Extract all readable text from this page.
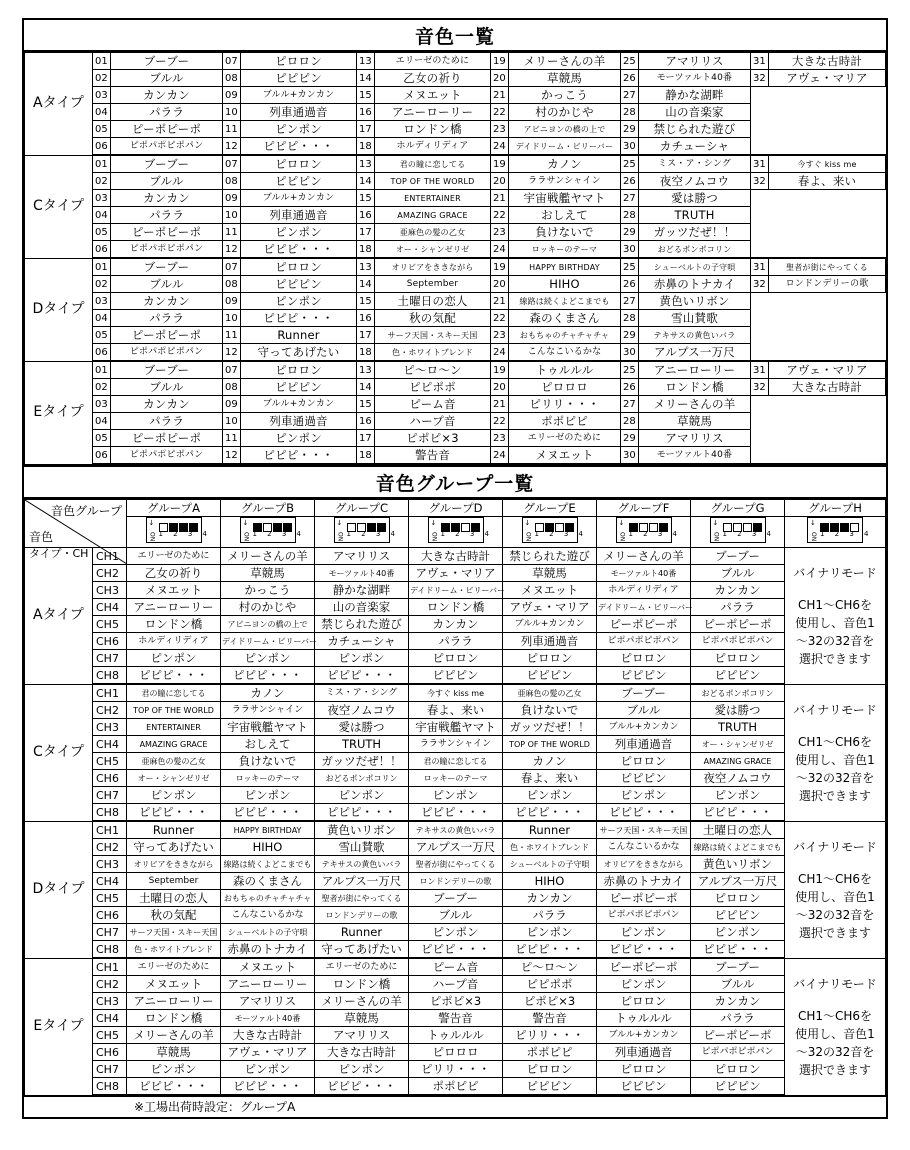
音色一覧
Aタイプ	01	ブーブー	07	ピロロン	13	エリーゼのために	19	メリーさんの羊	25	アマリリス	31	大きな古時計
	02	ブルル	08	ピピピン	14	乙女の祈り	20	草競馬	26	モーツァルト40番	32	アヴェ・マリア
	03	カンカン	09	ブルル+カンカン	15	メヌエット	21	かっこう	27	静かな湖畔		
	04	パララ	10	列車通過音	16	アニーローリー	22	村のかじや	28	山の音楽家		
	05	ピーポピーポ	11	ピンポン	17	ロンドン橋	23	アビニヨンの橋の上で	29	禁じられた遊び		
	06	ピポパポピポパン	12	ピピピ・・・	18	ホルディリディア	24	デイドリーム・ビリーバー	30	カチューシャ		
Cタイプ	01	ブーブー	07	ピロロン	13	君の瞳に恋してる	19	カノン	25	ミス・ア・シング	31	今すぐ kiss me
	02	ブルル	08	ピピピン	14	TOP OF THE WORLD	20	ララサンシャイン	26	夜空ノムコウ	32	春よ、来い
	03	カンカン	09	ブルル+カンカン	15	ENTERTAINER	21	宇宙戦艦ヤマト	27	愛は勝つ		
	04	パララ	10	列車通過音	16	AMAZING GRACE	22	おしえて	28	TRUTH		
	05	ピーポピーポ	11	ピンポン	17	亜麻色の髪の乙女	23	負けないで	29	ガッツだぜ！！		
	06	ピポパポピポパン	12	ピピピ・・・	18	オー・シャンゼリゼ	24	ロッキーのテーマ	30	おどるポンポコリン		
Dタイプ	01	ブーブー	07	ピロロン	13	オリビアをききながら	19	HAPPY BIRTHDAY	25	シューベルトの子守唄	31	聖者が街にやってくる
	02	ブルル	08	ピピピン	14	September	20	HIHO	26	赤鼻のトナカイ	32	ロンドンデリーの歌
	03	カンカン	09	ピンポン	15	土曜日の恋人	21	線路は続くよどこまでも	27	黄色いリボン		
	04	パララ	10	ピピピ・・・	16	秋の気配	22	森のくまさん	28	雪山賛歌		
	05	ピーポピーポ	11	Runner	17	サーフ天国・スキー天国	23	おもちゃのチャチャチャ	29	テキサスの黄色いバラ		
	06	ピポパポピポパン	12	守ってあげたい	18	色・ホワイトブレンド	24	こんなこいるかな	30	アルプス一万尺		
Eタイプ	01	ブーブー	07	ピロロン	13	ピ～ロ～ン	19	トゥルルル	25	アニーローリー	31	アヴェ・マリア
	02	ブルル	08	ピピピン	14	ピピポポ	20	ピロロロ	26	ロンドン橋	32	大きな古時計
	03	カンカン	09	ブルル+カンカン	15	ピーム音	21	ピリリ・・・	27	メリーさんの羊		
	04	パララ	10	列車通過音	16	ハープ音	22	ポポピピ	28	草競馬		
	05	ピーポピーポ	11	ピンポン	17	ピポピ×3	23	エリーゼのために	29	アマリリス		
	06	ピポパポピポパン	12	ピピピ・・・	18	警告音	24	メヌエット	30	モーツァルト40番		
音色グループ一覧
音色グループ
音色
タイプ・CH		グループA	グループB	グループC	グループD	グループE	グループF	グループG	グループH

		↓
ON 1 2 3 4	↓
ON 1 2 3 4	↓
ON 1 2 3 4	↓
ON 1 2 3 4	↓
ON 1 2 3 4	↓
ON 1 2 3 4	↓
ON 1 2 3 4	↓
ON 1 2 3 4

Aタイプ	CH1	エリーゼのために	メリーさんの羊	アマリリス	大きな古時計	禁じられた遊び	メリーさんの羊	ブーブー	バイナリモード
CH1～CH6を
使用し、音色1
～32の32音を
選択できます

	CH2	乙女の祈り	草競馬	モーツァルト40番	アヴェ・マリア	草競馬	モーツァルト40番	ブルル	
	CH3	メヌエット	かっこう	静かな湖畔	デイドリーム・ビリーバー	メヌエット	ホルディリディア	カンカン	
	CH4	アニーローリー	村のかじや	山の音楽家	ロンドン橋	アヴェ・マリア	デイドリーム・ビリーバー	パララ	
	CH5	ロンドン橋	アビニヨンの橋の上で	禁じられた遊び	カンカン	ブルル+カンカン	ピーポピーポ	ピーポピーポ	
	CH6	ホルディリディア	デイドリーム・ビリーバー	カチューシャ	パララ	列車通過音	ピポパポピポパン	ピポパポピポパン	
	CH7	ピンポン	ピンポン	ピンポン	ピロロン	ピロロン	ピロロン	ピロロン	
	CH8	ピピピ・・・	ピピピ・・・	ピピピ・・・	ピピピン	ピピピン	ピピピン	ピピピン	
Cタイプ	CH1	君の瞳に恋してる	カノン	ミス・ア・シング	今すぐ kiss me	亜麻色の髪の乙女	ブーブー	おどるポンポコリン	バイナリモード
CH1～CH6を
使用し、音色1
～32の32音を
選択できます

	CH2	TOP OF THE WORLD	ララサンシャイン	夜空ノムコウ	春よ、来い	負けないで	ブルル	愛は勝つ	
	CH3	ENTERTAINER	宇宙戦艦ヤマト	愛は勝つ	宇宙戦艦ヤマト	ガッツだぜ！！	ブルル+カンカン	TRUTH	
	CH4	AMAZING GRACE	おしえて	TRUTH	ララサンシャイン	TOP OF THE WORLD	列車通過音	オー・シャンゼリゼ	
	CH5	亜麻色の髪の乙女	負けないで	ガッツだぜ！！	君の瞳に恋してる	カノン	ピロロン	AMAZING GRACE	
	CH6	オー・シャンゼリゼ	ロッキーのテーマ	おどるポンポコリン	ロッキーのテーマ	春よ、来い	ピピピン	夜空ノムコウ	
	CH7	ピンポン	ピンポン	ピンポン	ピンポン	ピンポン	ピンポン	ピンポン	
	CH8	ピピピ・・・	ピピピ・・・	ピピピ・・・	ピピピ・・・	ピピピ・・・	ピピピ・・・	ピピピ・・・	
Dタイプ	CH1	Runner	HAPPY BIRTHDAY	黄色いリボン	テキサスの黄色いバラ	Runner	サーフ天国・スキー天国	土曜日の恋人	バイナリモード
CH1～CH6を
使用し、音色1
～32の32音を
選択できます

	CH2	守ってあげたい	HIHO	雪山賛歌	アルプス一万尺	色・ホワイトブレンド	こんなこいるかな	線路は続くよどこまでも	
	CH3	オリビアをききながら	線路は続くよどこまでも	テキサスの黄色いバラ	聖者が街にやってくる	シューベルトの子守唄	オリビアをききながら	黄色いリボン	
	CH4	September	森のくまさん	アルプス一万尺	ロンドンデリーの歌	HIHO	赤鼻のトナカイ	アルプス一万尺	
	CH5	土曜日の恋人	おもちゃのチャチャチャ	聖者が街にやってくる	ブーブー	カンカン	ピーポピーポ	ピロロン	
	CH6	秋の気配	こんなこいるかな	ロンドンデリーの歌	ブルル	パララ	ピポパポピポパン	ピピピン	
	CH7	サーフ天国・スキー天国	シューベルトの子守唄	Runner	ピンポン	ピンポン	ピンポン	ピンポン	
	CH8	色・ホワイトブレンド	赤鼻のトナカイ	守ってあげたい	ピピピ・・・	ピピピ・・・	ピピピ・・・	ピピピ・・・	
Eタイプ	CH1	エリーゼのために	メヌエット	エリーゼのために	ピーム音	ピ～ロ～ン	ピーポピーポ	ブーブー	バイナリモード
CH1～CH6を
使用し、音色1
～32の32音を
選択できます

	CH2	メヌエット	アニーローリー	ロンドン橋	ハープ音	ピピポポ	ピンポン	ブルル	
	CH3	アニーローリー	アマリリス	メリーさんの羊	ピポピ×3	ピポピ×3	ピロロン	カンカン	
	CH4	ロンドン橋	モーツァルト40番	草競馬	警告音	警告音	トゥルルル	パララ	
	CH5	メリーさんの羊	大きな古時計	アマリリス	トゥルルル	ピリリ・・・	ブルル+カンカン	ピーポピーポ	
	CH6	草競馬	アヴェ・マリア	大きな古時計	ピロロロ	ポポピピ	列車通過音	ピポパポピポパン	
	CH7	ピンポン	ピンポン	ピンポン	ピリリ・・・	ピロロン	ピロロン	ピロロン	
	CH8	ピピピ・・・	ピピピ・・・	ピピピ・・・	ポポピピ	ピピピン	ピピピン	ピピピン	
※工場出荷時設定：グループA
